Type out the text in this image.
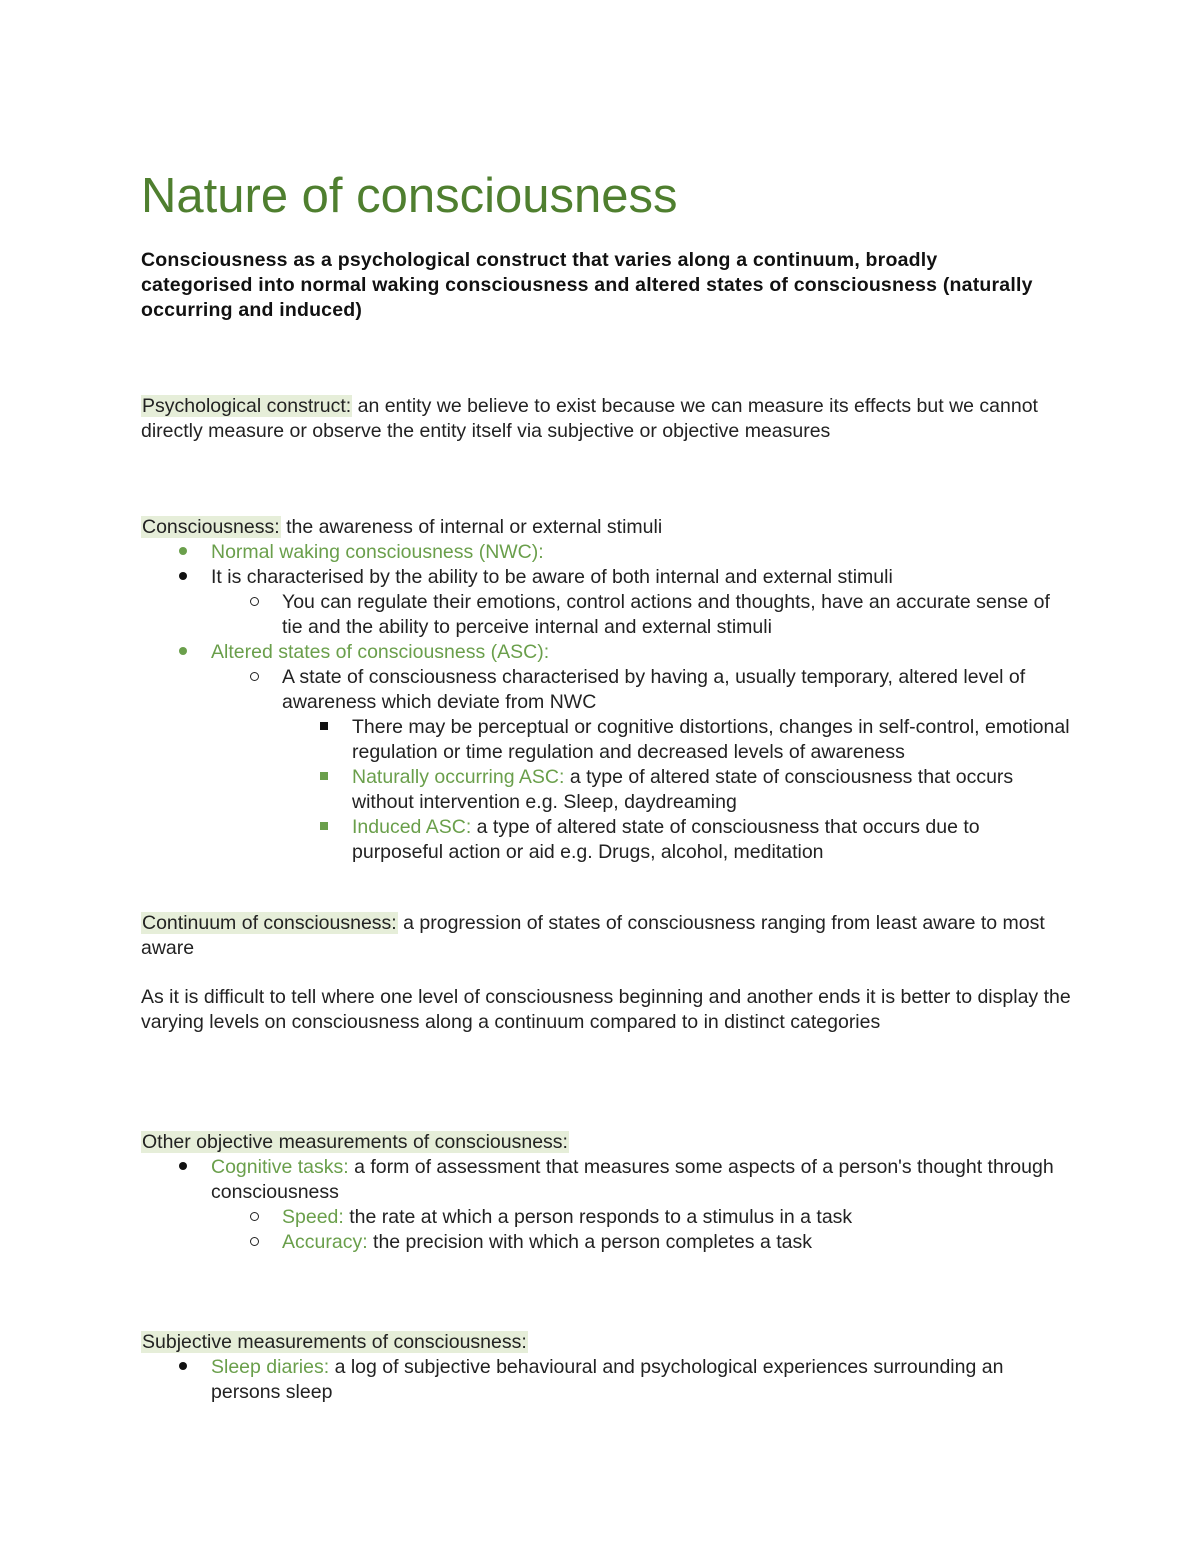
Nature of consciousness
Consciousness as a psychological construct that varies along a continuum, broadly categorised into normal waking consciousness and altered states of consciousness (naturally occurring and induced)
Psychological construct: an entity we believe to exist because we can measure its effects but we cannot directly measure or observe the entity itself via subjective or objective measures
Consciousness: the awareness of internal or external stimuli
Normal waking consciousness (NWC):
It is characterised by the ability to be aware of both internal and external stimuli
You can regulate their emotions, control actions and thoughts, have an accurate sense of tie and the ability to perceive internal and external stimuli
Altered states of consciousness (ASC):
A state of consciousness characterised by having a, usually temporary, altered level of awareness which deviate from NWC
There may be perceptual or cognitive distortions, changes in self-control, emotional regulation or time regulation and decreased levels of awareness
Naturally occurring ASC: a type of altered state of consciousness that occurs without intervention e.g. Sleep, daydreaming
Induced ASC: a type of altered state of consciousness that occurs due to purposeful action or aid e.g. Drugs, alcohol, meditation
Continuum of consciousness: a progression of states of consciousness ranging from least aware to most aware
As it is difficult to tell where one level of consciousness beginning and another ends it is better to display the varying levels on consciousness along a continuum compared to in distinct categories
Other objective measurements of consciousness:
Cognitive tasks: a form of assessment that measures some aspects of a person's thought through consciousness
Speed: the rate at which a person responds to a stimulus in a task
Accuracy: the precision with which a person completes a task
Subjective measurements of consciousness:
Sleep diaries: a log of subjective behavioural and psychological experiences surrounding an persons sleep
